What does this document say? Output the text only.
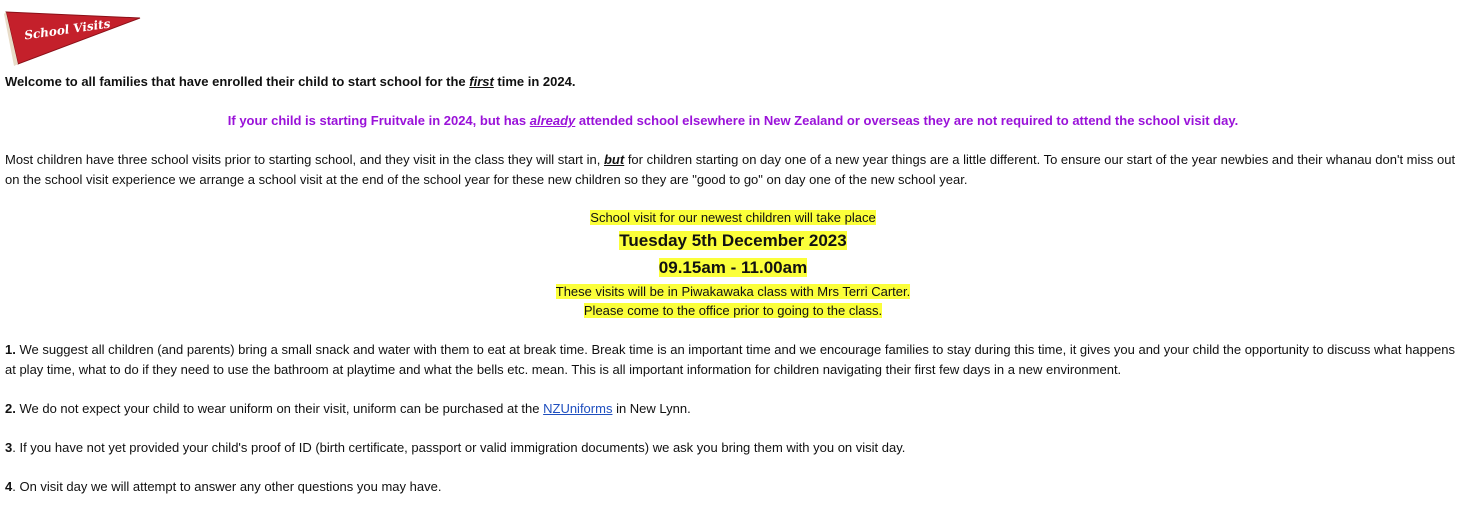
School Visits

Welcome to all families that have enrolled their child to start school for the first time in 2024.

If your child is starting Fruitvale in 2024, but has already attended school elsewhere in New Zealand or overseas they are not required to attend the school visit day.

Most children have three school visits prior to starting school, and they visit in the class they will start in, but for children starting on day one of a new year things are a little different. To ensure our start of the year newbies and their whanau don't miss out
on the school visit experience we arrange a school visit at the end of the school year for these new children so they are "good to go" on day one of the new school year.

School visit for our newest children will take place

Tuesday 5th December 2023

09.15am - 11.00am

These visits will be in Piwakawaka class with Mrs Terri Carter.

Please come to the office prior to going to the class.

1. We suggest all children (and parents) bring a small snack and water with them to eat at break time. Break time is an important time and we encourage families to stay during this time, it gives you and your child the opportunity to discuss what happens
at play time, what to do if they need to use the bathroom at playtime and what the bells etc. mean. This is all important information for children navigating their first few days in a new environment.

2. We do not expect your child to wear uniform on their visit, uniform can be purchased at the NZUniforms in New Lynn.

3. If you have not yet provided your child's proof of ID (birth certificate, passport or valid immigration documents) we ask you bring them with you on visit day.

4. On visit day we will attempt to answer any other questions you may have.
